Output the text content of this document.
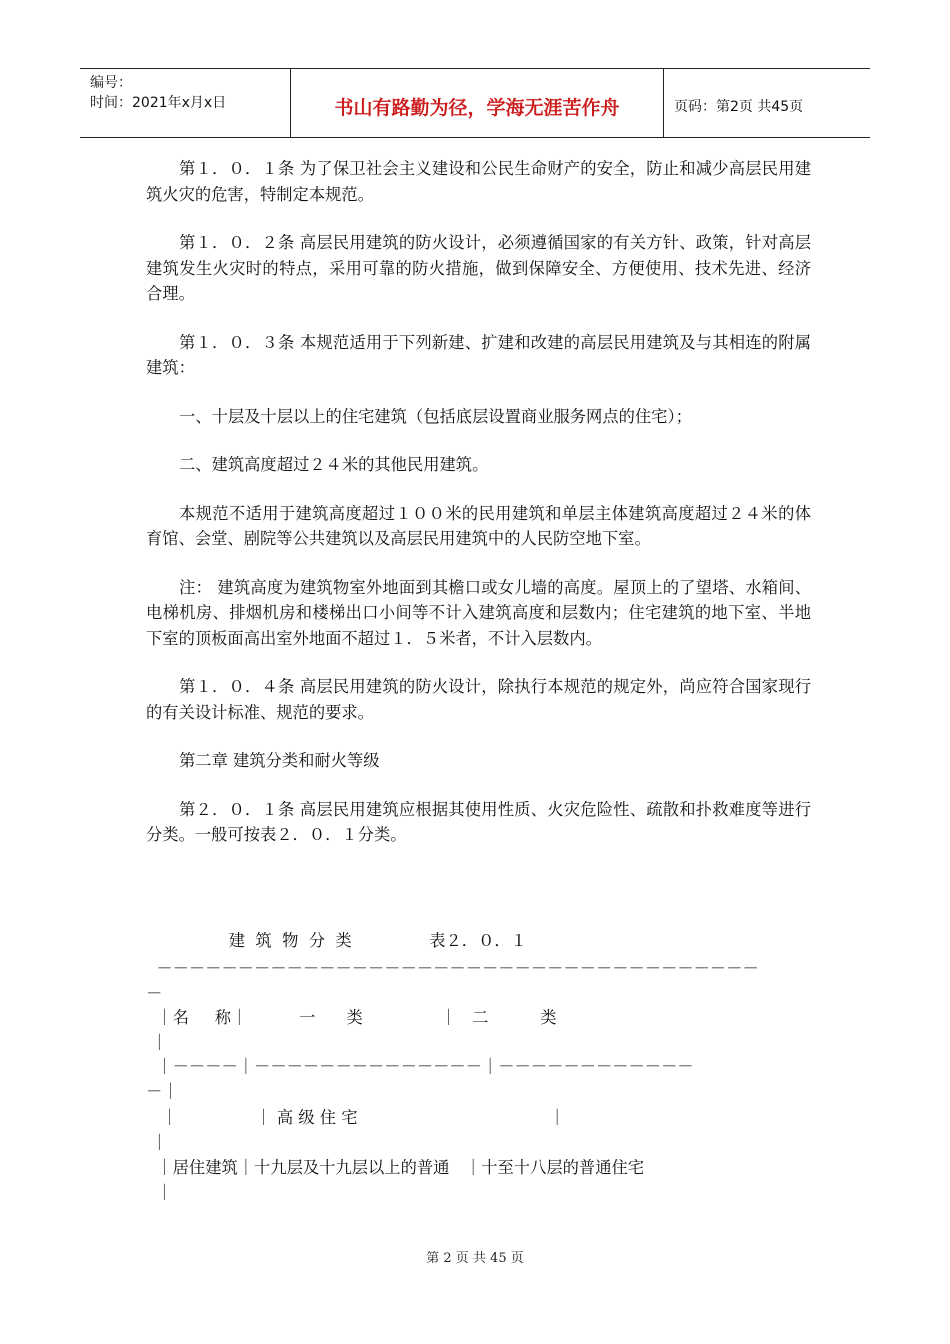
编号：
时间：2021年x月x日	书山有路勤为径，学海无涯苦作舟	页码：第2页 共45页

第１．０．１条 为了保卫社会主义建设和公民生命财产的安全，防止和减少高层民用建筑火灾的危害，特制定本规范。

第１．０．２条 高层民用建筑的防火设计，必须遵循国家的有关方针、政策，针对高层建筑发生火灾时的特点，采用可靠的防火措施，做到保障安全、方便使用、技术先进、经济合理。

第１．０．３条 本规范适用于下列新建、扩建和改建的高层民用建筑及与其相连的附属建筑：

一、十层及十层以上的住宅建筑（包括底层设置商业服务网点的住宅）；

二、建筑高度超过２４米的其他民用建筑。

本规范不适用于建筑高度超过１００米的民用建筑和单层主体建筑高度超过２４米的体育馆、会堂、剧院等公共建筑以及高层民用建筑中的人民防空地下室。

注： 建筑高度为建筑物室外地面到其檐口或女儿墙的高度。屋顶上的了望塔、水箱间、电梯机房、排烟机房和楼梯出口小间等不计入建筑高度和层数内；住宅建筑的地下室、半地下室的顶板面高出室外地面不超过１．５米者，不计入层数内。

第１．０．４条 高层民用建筑的防火设计，除执行本规范的规定外，尚应符合国家现行的有关设计标准、规范的要求。

第二章 建筑分类和耐火等级

第２．０．１条 高层民用建筑应根据其使用性质、火灾危险性、疏散和扑救难度等进行分类。一般可按表２．０．１分类。

建  筑  物  分  类               表２．０．１
－－－－－－－－－－－－－－－－－－－－－－－－－－－－－－－－－－－－－
－
｜名     称｜          一      类               ｜   二          类
｜
｜－－－－｜－－－－－－－－－－－－－－｜－－－－－－－－－－－－
－｜
｜               ｜ 高 级 住 宅                                     ｜
｜
｜居住建筑｜十九层及十九层以上的普通   ｜十至十八层的普通住宅
｜
第 2 页 共 45 页
